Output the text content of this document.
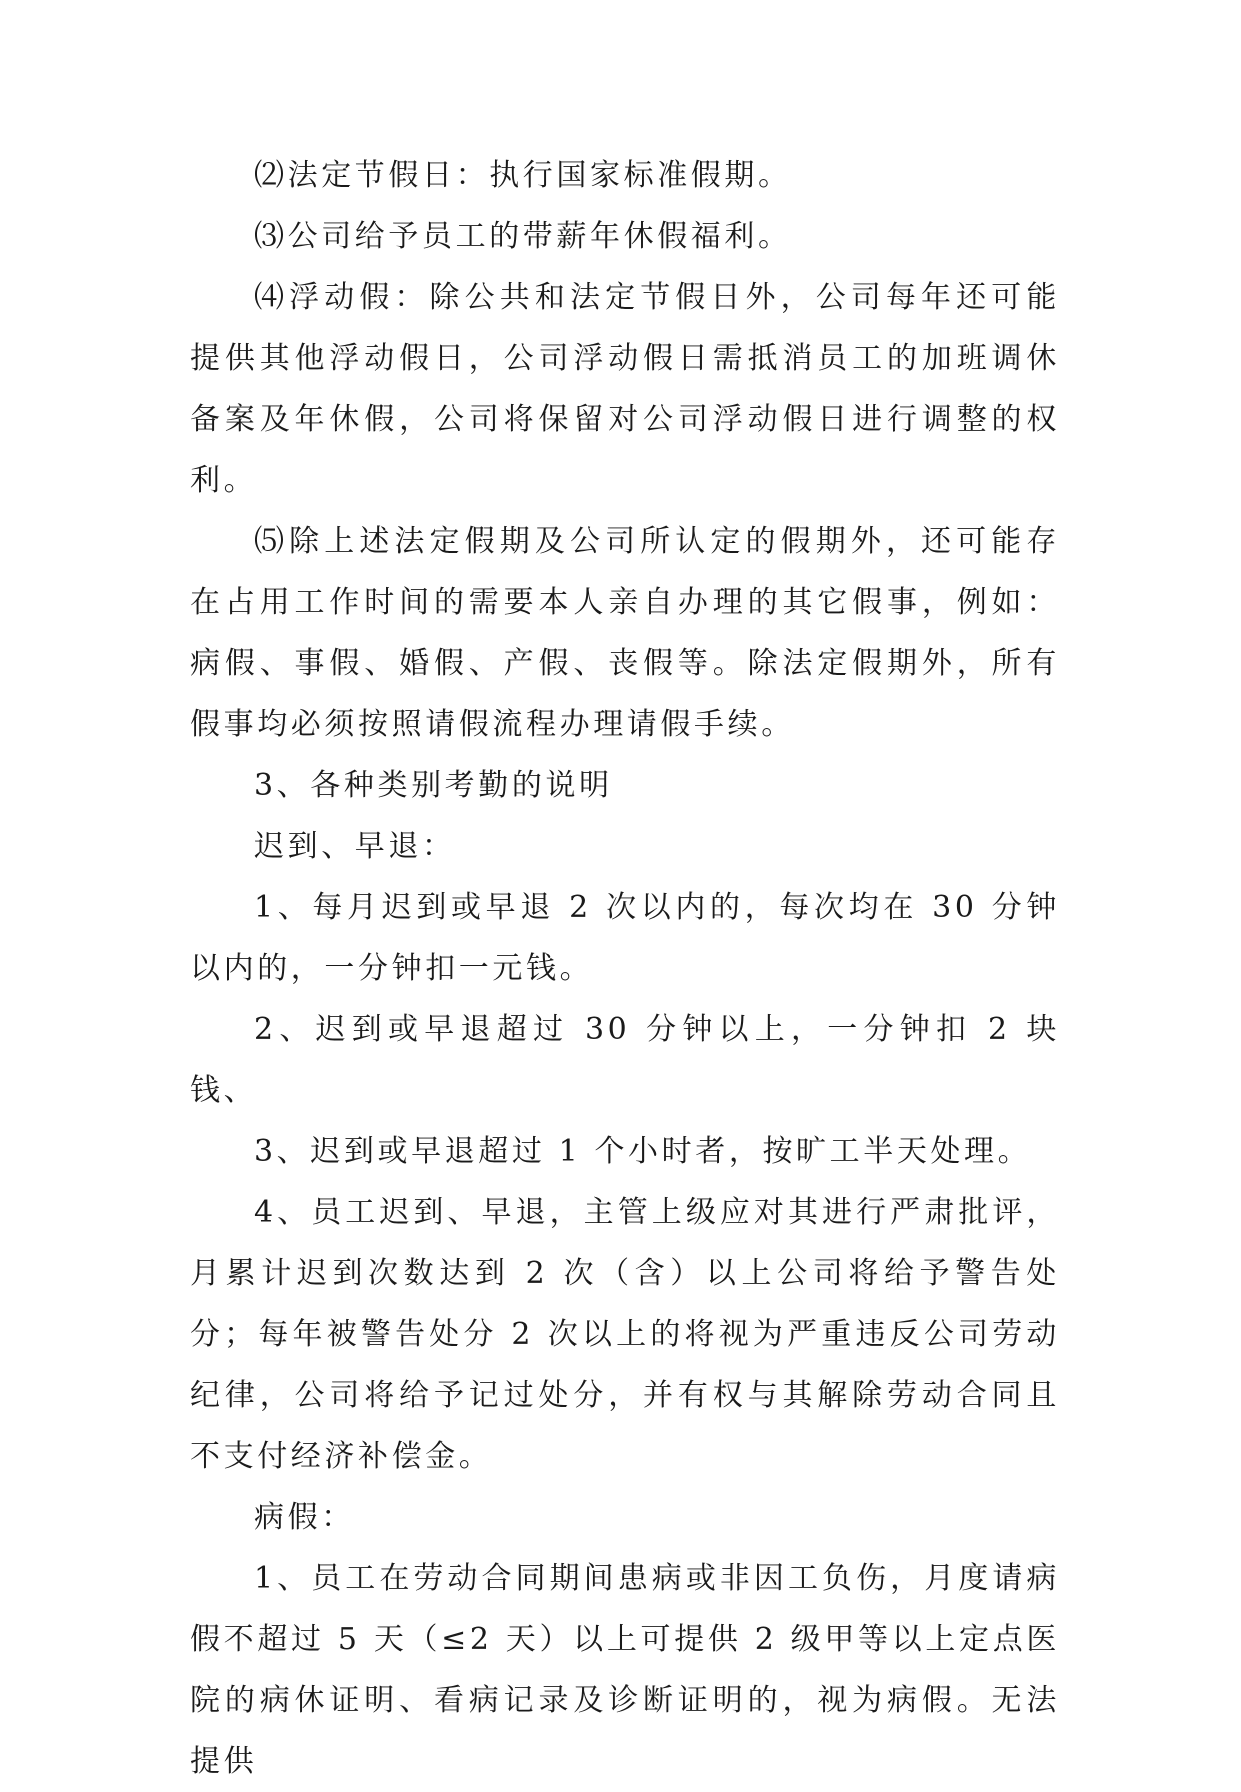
⑵法定节假日：执行国家标准假期。

⑶公司给予员工的带薪年休假福利。

⑷浮动假：除公共和法定节假日外，公司每年还可能提供其他浮动假日，公司浮动假日需抵消员工的加班调休备案及年休假，公司将保留对公司浮动假日进行调整的权利。

⑸除上述法定假期及公司所认定的假期外，还可能存在占用工作时间的需要本人亲自办理的其它假事，例如：病假、事假、婚假、产假、丧假等。除法定假期外，所有假事均必须按照请假流程办理请假手续。

3、各种类别考勤的说明

迟到、早退：

1、每月迟到或早退 2 次以内的，每次均在 30 分钟以内的，一分钟扣一元钱。

2、迟到或早退超过 30 分钟以上，一分钟扣 2 块钱、

3、迟到或早退超过 1 个小时者，按旷工半天处理。

4、员工迟到、早退，主管上级应对其进行严肃批评，月累计迟到次数达到 2 次（含）以上公司将给予警告处分；每年被警告处分 2 次以上的将视为严重违反公司劳动纪律，公司将给予记过处分，并有权与其解除劳动合同且不支付经济补偿金。

病假：

1、员工在劳动合同期间患病或非因工负伤，月度请病假不超过 5 天（≤2 天）以上可提供 2 级甲等以上定点医院的病休证明、看病记录及诊断证明的，视为病假。无法提供
